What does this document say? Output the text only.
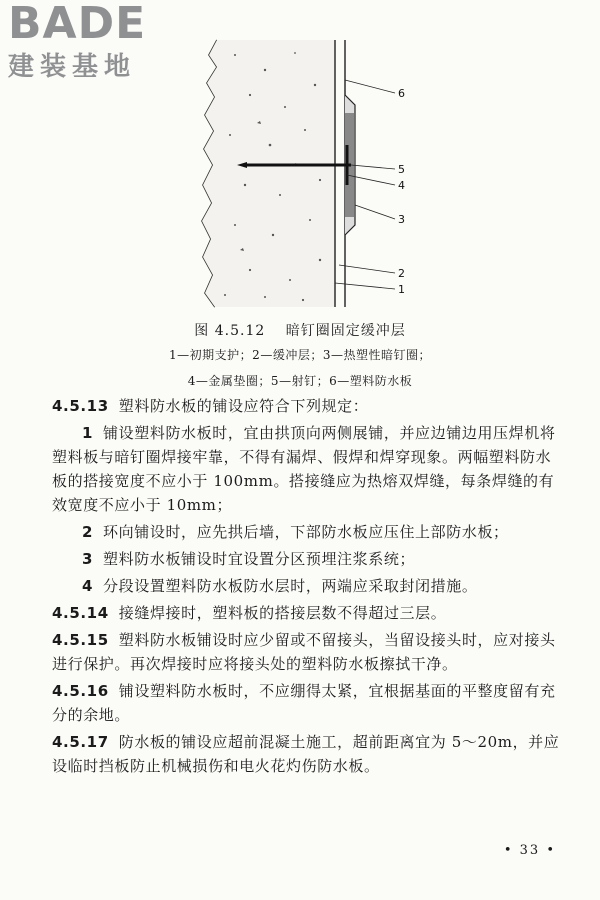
BADE
建装基地
6
5
4
3
2
1
图 4.5.12　 暗钉圈固定缓冲层
1—初期支护；2—缓冲层；3—热塑性暗钉圈；
4—金属垫圈；5—射钉；6—塑料防水板

4.5.13 塑料防水板的铺设应符合下列规定：

1 铺设塑料防水板时，宜由拱顶向两侧展铺，并应边铺边用压焊机将塑料板与暗钉圈焊接牢靠，不得有漏焊、假焊和焊穿现象。两幅塑料防水板的搭接宽度不应小于 100mm。搭接缝应为热熔双焊缝，每条焊缝的有效宽度不应小于 10mm；

2 环向铺设时，应先拱后墙，下部防水板应压住上部防水板；

3 塑料防水板铺设时宜设置分区预埋注浆系统；

4 分段设置塑料防水板防水层时，两端应采取封闭措施。

4.5.14 接缝焊接时，塑料板的搭接层数不得超过三层。

4.5.15 塑料防水板铺设时应少留或不留接头，当留设接头时，应对接头进行保护。再次焊接时应将接头处的塑料防水板擦拭干净。

4.5.16 铺设塑料防水板时，不应绷得太紧，宜根据基面的平整度留有充分的余地。

4.5.17 防水板的铺设应超前混凝土施工，超前距离宜为 5～20m，并应设临时挡板防止机械损伤和电火花灼伤防水板。

• 33 •
